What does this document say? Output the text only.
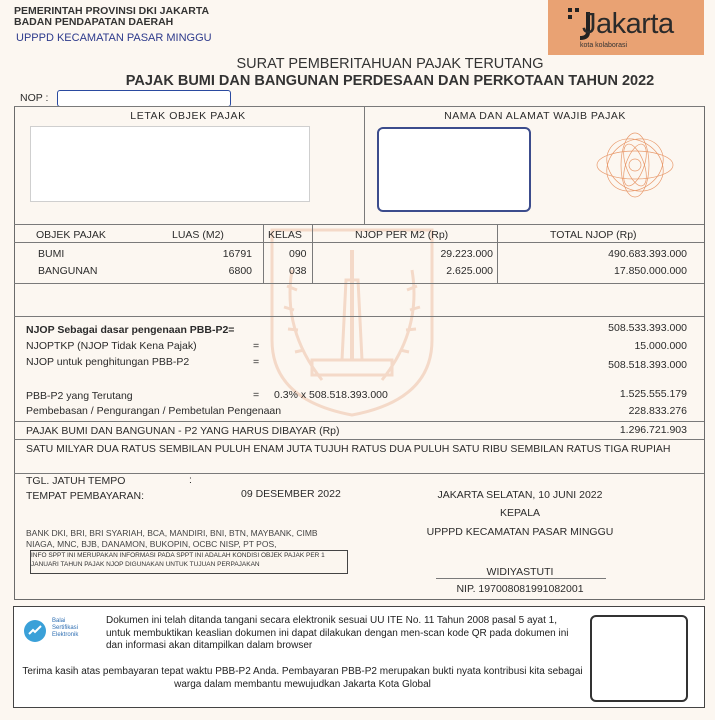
PEMERINTAH PROVINSI DKI JAKARTA
BADAN PENDAPATAN DAERAH
UPPPD KECAMATAN PASAR MINGGU	Jakarta
kota kolaborasi
SURAT PEMBERITAHUAN PAJAK TERUTANG
PAJAK BUMI DAN BANGUNAN PERDESAAN DAN PERKOTAAN TAHUN 2022
NOP :
LETAK OBJEK PAJAK	NAMA DAN ALAMAT WAJIB PAJAK
OBJEK PAJAK	LUAS (M2)	KELAS	NJOP PER M2 (Rp)	TOTAL NJOP (Rp)
BUMI	16791	090	29.223.000	490.683.393.000
BANGUNAN	6800	038	2.625.000	17.850.000.000
NJOP Sebagai dasar pengenaan PBB-P2=	508.533.393.000
NJOPTKP (NJOP Tidak Kena Pajak)	=	15.000.000
NJOP untuk penghitungan PBB-P2	=	508.518.393.000
PBB-P2 yang Terutang	= 0.3% x 508.518.393.000	1.525.555.179
Pembebasan / Pengurangan / Pembetulan Pengenaan	228.833.276
PAJAK BUMI DAN BANGUNAN - P2 YANG HARUS DIBAYAR (Rp)	1.296.721.903
SATU MILYAR DUA RATUS SEMBILAN PULUH ENAM JUTA TUJUH RATUS DUA PULUH SATU RIBU SEMBILAN RATUS TIGA RUPIAH
TGL. JATUH TEMPO	:
TEMPAT PEMBAYARAN:	09 DESEMBER 2022
BANK DKI, BRI, BRI SYARIAH, BCA, MANDIRI, BNI, BTN, MAYBANK, CIMB NIAGA, MNC, BJB, DANAMON, BUKOPIN, OCBC NISP, PT POS,
INFO SPPT INI MERUPAKAN INFORMASI PADA SPPT INI ADALAH KONDISI OBJEK PAJAK PER 1 JANUARI TAHUN PAJAK NJOP DIGUNAKAN UNTUK TUJUAN PERPAJAKAN
JAKARTA SELATAN, 10 JUNI 2022
KEPALA
UPPPD KECAMATAN PASAR MINGGU
WIDIYASTUTI
NIP. 197008081991082001
Balai
Sertifikasi
Elektronik
Dokumen ini telah ditanda tangani secara elektronik sesuai UU ITE No. 11 Tahun 2008 pasal 5 ayat 1, untuk membuktikan keaslian dokumen ini dapat dilakukan dengan men-scan kode QR pada dokumen ini dan informasi akan ditampilkan dalam browser
Terima kasih atas pembayaran tepat waktu PBB-P2 Anda. Pembayaran PBB-P2 merupakan bukti nyata kontribusi kita sebagai warga dalam membantu mewujudkan Jakarta Kota Global
